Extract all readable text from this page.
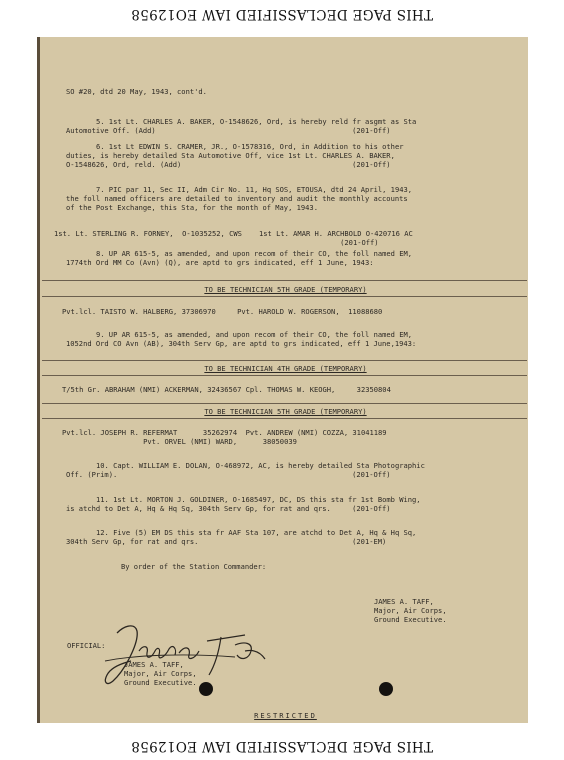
THIS PAGE DECLASSIFIED IAW EO12958
SO #20, dtd 20 May, 1943, cont'd.
5. 1st Lt. CHARLES A. BAKER, O-1548626, Ord, is hereby reld fr asgmt as Sta
Automotive Off. (Add)                                              (201-Off)
6. 1st Lt EDWIN S. CRAMER, JR., O-1578316, Ord, in Addition to his other
duties, is hereby detailed Sta Automotive Off, vice 1st Lt. CHARLES A. BAKER,
O-1548626, Ord, reld. (Add)                                        (201-Off)
7. PIC par 11, Sec II, Adm Cir No. 11, Hq SOS, ETOUSA, dtd 24 April, 1943,
the foll named officers are detailed to inventory and audit the monthly accounts
of the Post Exchange, this Sta, for the month of May, 1943.
1st. Lt. STERLING R. FORNEY,  O-1035252, CWS    1st Lt. AMAR H. ARCHBOLD O-420716 AC
(201-Off)
8. UP AR 615-5, as amended, and upon recom of their CO, the foll named EM,
1774th Ord MM Co (Avn) (Q), are aptd to grs indicated, eff 1 June, 1943:
TO BE TECHNICIAN 5TH GRADE (TEMPORARY)
Pvt.lcl. TAISTO W. HALBERG, 37306970     Pvt. HAROLD W. ROGERSON,  11088680
9. UP AR 615-5, as amended, and upon recom of their CO, the foll named EM,
1052nd Ord CO Avn (AB), 304th Serv Gp, are aptd to grs indicated, eff 1 June,1943:
TO BE TECHNICIAN 4TH GRADE (TEMPORARY)
T/5th Gr. ABRAHAM (NMI) ACKERMAN, 32436567 Cpl. THOMAS W. KEOGH,     32350804
TO BE TECHNICIAN 5TH GRADE (TEMPORARY)
Pvt.lcl. JOSEPH R. REFERMAT      35262974  Pvt. ANDREW (NMI) COZZA, 31041189
Pvt. ORVEL (NMI) WARD,      38050039
10. Capt. WILLIAM E. DOLAN, O-468972, AC, is hereby detailed Sta Photographic
Off. (Prim).                                                       (201-Off)
11. 1st Lt. MORTON J. GOLDINER, O-1685497, DC, DS this sta fr 1st Bomb Wing,
is atchd to Det A, Hq & Hq Sq, 304th Serv Gp, for rat and qrs.     (201-Off)
12. Five (5) EM DS this sta fr AAF Sta 107, are atchd to Det A, Hq & Hq Sq,
304th Serv Gp, for rat and qrs.                                    (201-EM)
By order of the Station Commander:
JAMES A. TAFF,
Major, Air Corps,
Ground Executive.
OFFICIAL:
JAMES A. TAFF,
Major, Air Corps,
Ground Executive.
RESTRICTED
THIS PAGE DECLASSIFIED IAW EO12958
